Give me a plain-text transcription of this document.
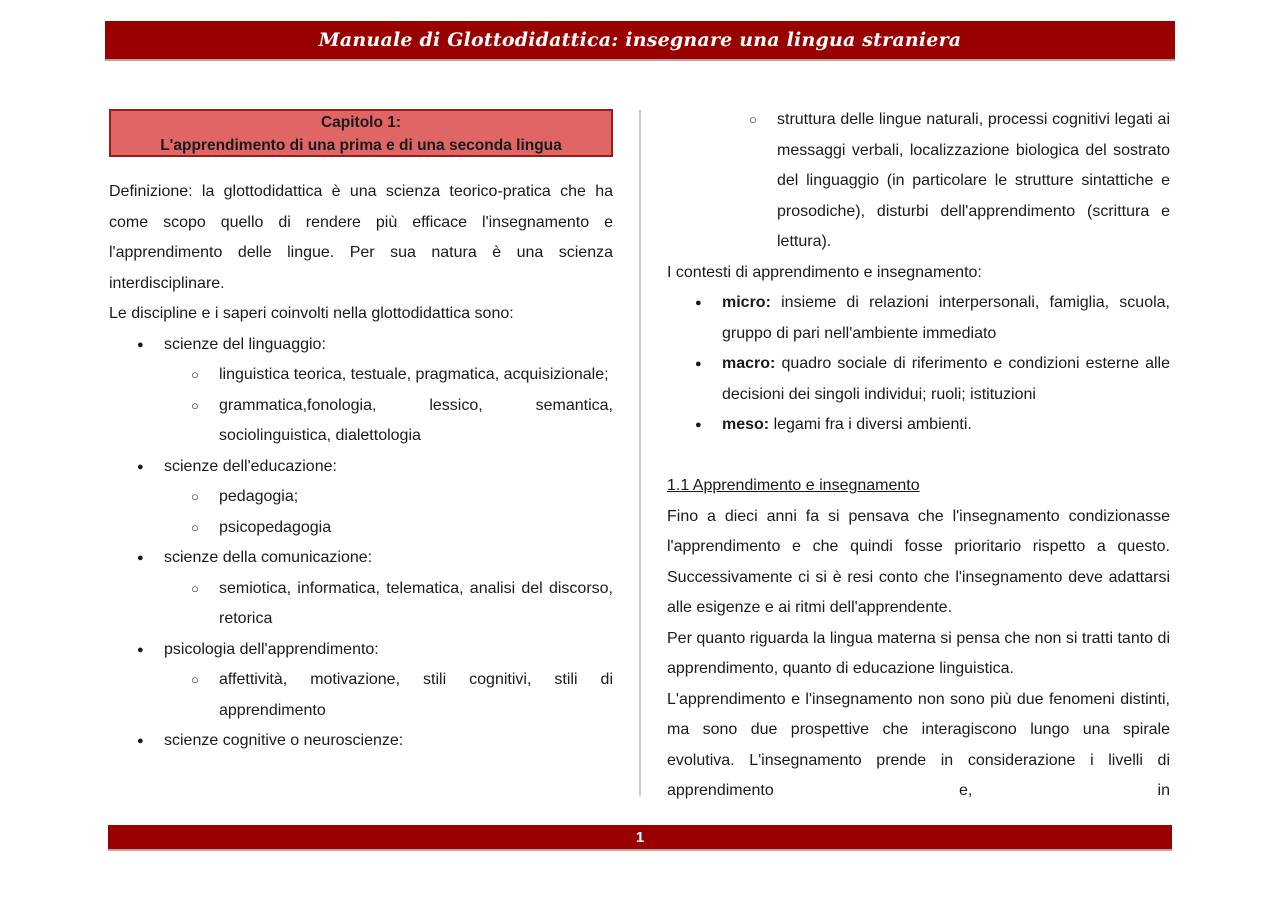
Manuale di Glottodidattica: insegnare una lingua straniera
Capitolo 1:
L'apprendimento di una prima e di una seconda lingua

Definizione: la glottodidattica è una scienza teorico-pratica che ha come scopo quello di rendere più efficace l'insegnamento e l'apprendimento delle lingue. Per sua natura è una scienza interdisciplinare.

Le discipline e i saperi coinvolti nella glottodidattica sono:
● scienze del linguaggio:
○ linguistica teorica, testuale, pragmatica, acquisizionale;
○ grammatica,fonologia, lessico, semantica, sociolinguistica, dialettologia
● scienze dell'educazione:
○ pedagogia;
○ psicopedagogia
● scienze della comunicazione:
○ semiotica, informatica, telematica, analisi del discorso, retorica
● psicologia dell'apprendimento:
○ affettività, motivazione, stili cognitivi, stili di apprendimento
● scienze cognitive o neuroscienze:
○ struttura delle lingue naturali, processi cognitivi legati ai messaggi verbali, localizzazione biologica del sostrato del linguaggio (in particolare le strutture sintattiche e prosodiche), disturbi dell'apprendimento (scrittura e lettura).
I contesti di apprendimento e insegnamento:
● micro: insieme di relazioni interpersonali, famiglia, scuola, gruppo di pari nell'ambiente immediato
● macro: quadro sociale di riferimento e condizioni esterne alle decisioni dei singoli individui; ruoli; istituzioni
● meso: legami fra i diversi ambienti.
1.1 Apprendimento e insegnamento

Fino a dieci anni fa si pensava che l'insegnamento condizionasse l'apprendimento e che quindi fosse prioritario rispetto a questo. Successivamente ci si è resi conto che l'insegnamento deve adattarsi alle esigenze e ai ritmi dell'apprendente.

Per quanto riguarda la lingua materna si pensa che non si tratti tanto di apprendimento, quanto di educazione linguistica.

L'apprendimento e l'insegnamento non sono più due fenomeni distinti, ma sono due prospettive che interagiscono lungo una spirale evolutiva. L'insegnamento prende in considerazione i livelli di apprendimento e, in

1
